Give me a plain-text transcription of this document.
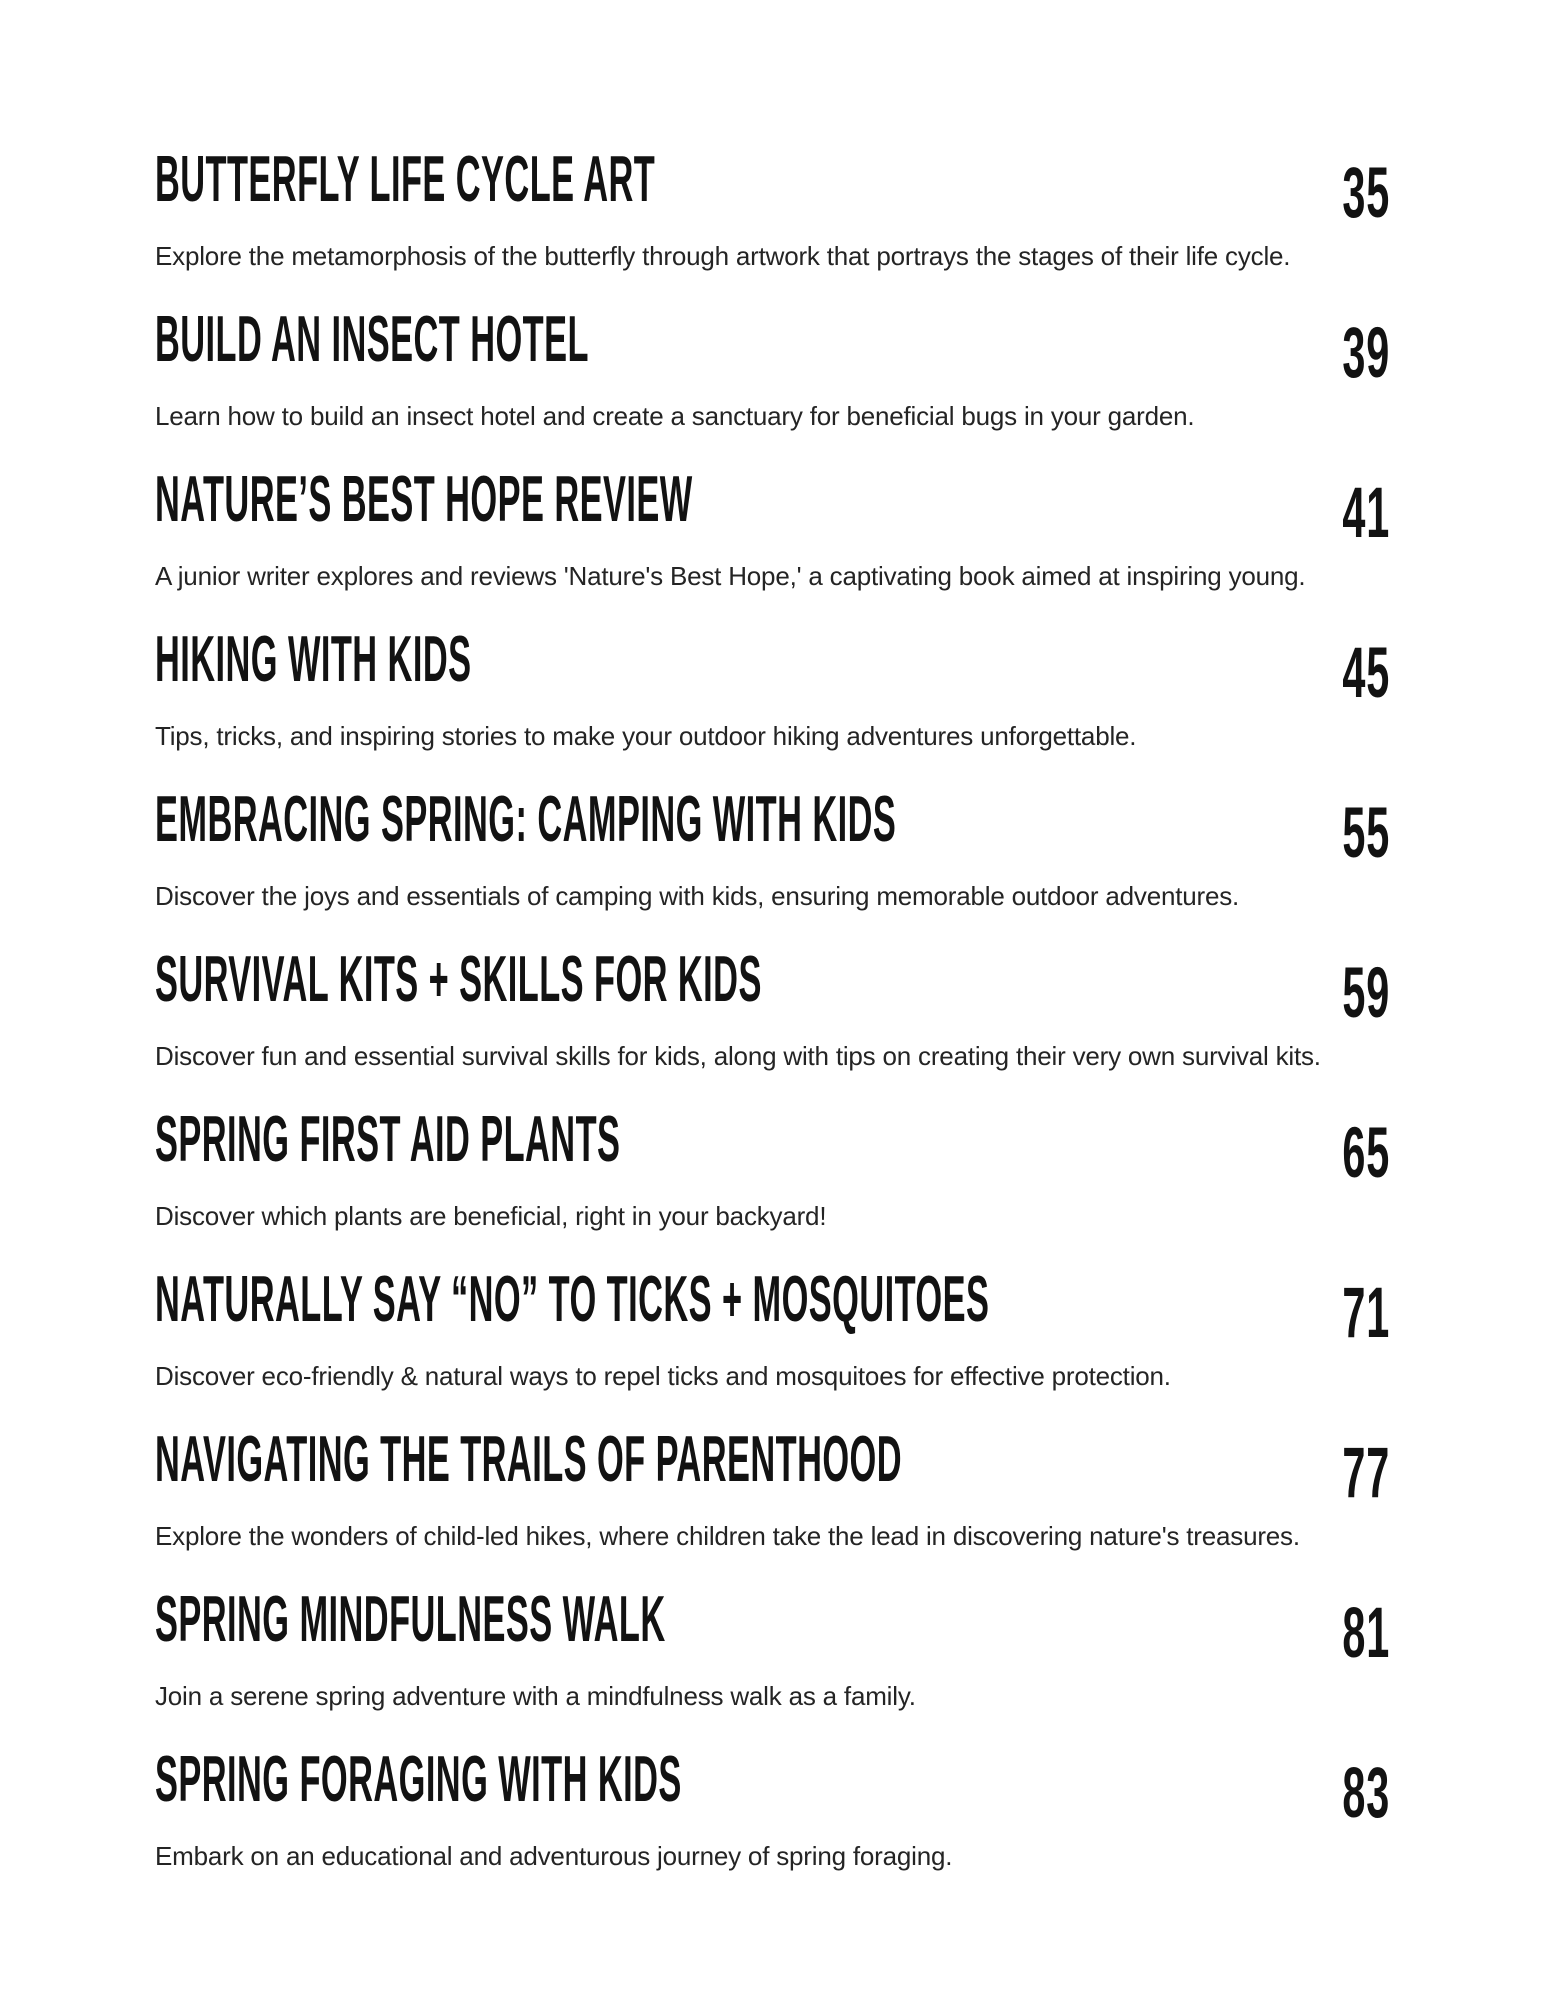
BUTTERFLY LIFE CYCLE ART	35

Explore the metamorphosis of the butterfly through artwork that portrays the stages of their life cycle.

BUILD AN INSECT HOTEL	39

Learn how to build an insect hotel and create a sanctuary for beneficial bugs in your garden.

NATURE’S BEST HOPE REVIEW	41

A junior writer explores and reviews 'Nature's Best Hope,' a captivating book aimed at inspiring young.

HIKING WITH KIDS	45

Tips, tricks, and inspiring stories to make your outdoor hiking adventures unforgettable.

EMBRACING SPRING: CAMPING WITH KIDS	55

Discover the joys and essentials of camping with kids, ensuring memorable outdoor adventures.

SURVIVAL KITS + SKILLS FOR KIDS	59

Discover fun and essential survival skills for kids, along with tips on creating their very own survival kits.

SPRING FIRST AID PLANTS	65

Discover which plants are beneficial, right in your backyard!

NATURALLY SAY “NO” TO TICKS + MOSQUITOES	71

Discover eco-friendly & natural ways to repel ticks and mosquitoes for effective protection.

NAVIGATING THE TRAILS OF PARENTHOOD	77

Explore the wonders of child-led hikes, where children take the lead in discovering nature's treasures.

SPRING MINDFULNESS WALK	81

Join a serene spring adventure with a mindfulness walk as a family.

SPRING FORAGING WITH KIDS	83

Embark on an educational and adventurous journey of spring foraging.
